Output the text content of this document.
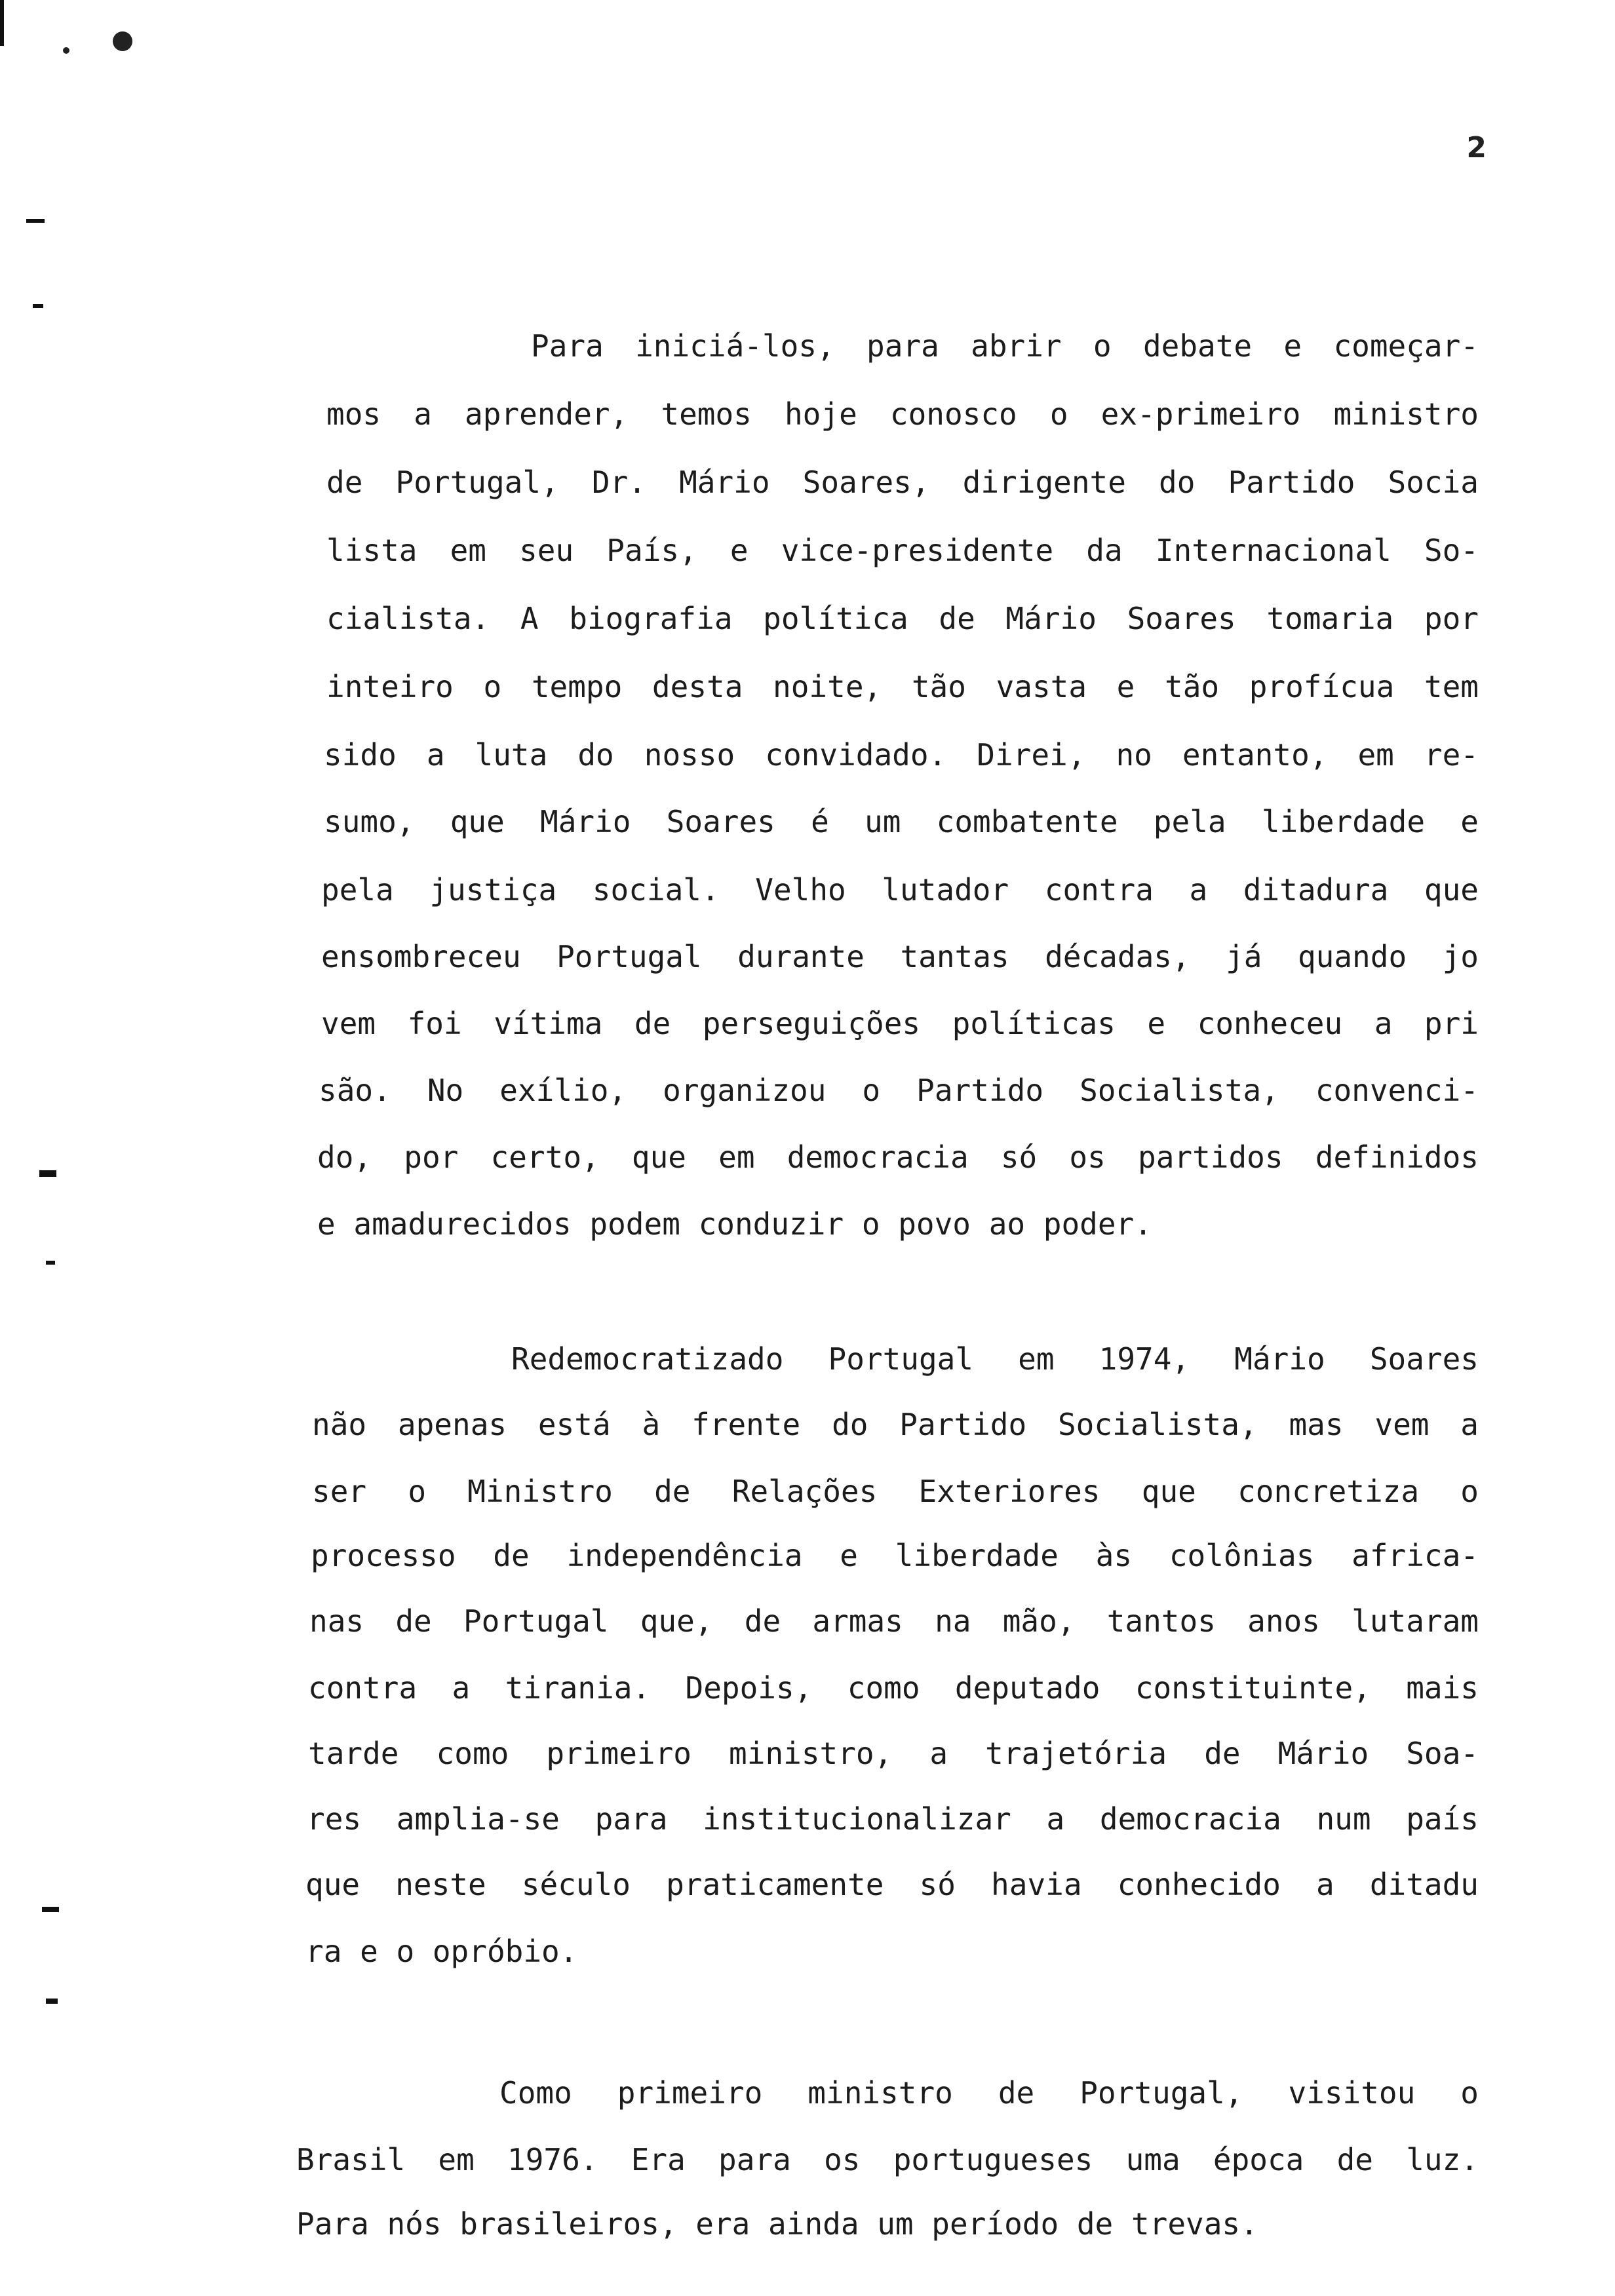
2
Para iniciá-los, para abrir o debate e começar-
mos a aprender, temos hoje conosco o ex-primeiro ministro
de Portugal, Dr. Mário Soares, dirigente do Partido Socia
lista em seu País, e vice-presidente da Internacional So-
cialista. A biografia política de Mário Soares tomaria por
inteiro o tempo desta noite, tão vasta e tão profícua tem
sido a luta do nosso convidado. Direi, no entanto, em re-
sumo, que Mário Soares é um combatente pela liberdade e
pela justiça social. Velho lutador contra a ditadura que
ensombreceu Portugal durante tantas décadas, já quando jo
vem foi vítima de perseguições políticas e conheceu a pri
são. No exílio, organizou o Partido Socialista, convenci-
do, por certo, que em democracia só os partidos definidos
e amadurecidos podem conduzir o povo ao poder.
Redemocratizado Portugal em 1974, Mário Soares
não apenas está à frente do Partido Socialista, mas vem a
ser o Ministro de Relações Exteriores que concretiza o
processo de independência e liberdade às colônias africa-
nas de Portugal que, de armas na mão, tantos anos lutaram
contra a tirania. Depois, como deputado constituinte, mais
tarde como primeiro ministro, a trajetória de Mário Soa-
res amplia-se para institucionalizar a democracia num país
que neste século praticamente só havia conhecido a ditadu
ra e o opróbio.
Como primeiro ministro de Portugal, visitou o
Brasil em 1976. Era para os portugueses uma época de luz.
Para nós brasileiros, era ainda um período de trevas.
